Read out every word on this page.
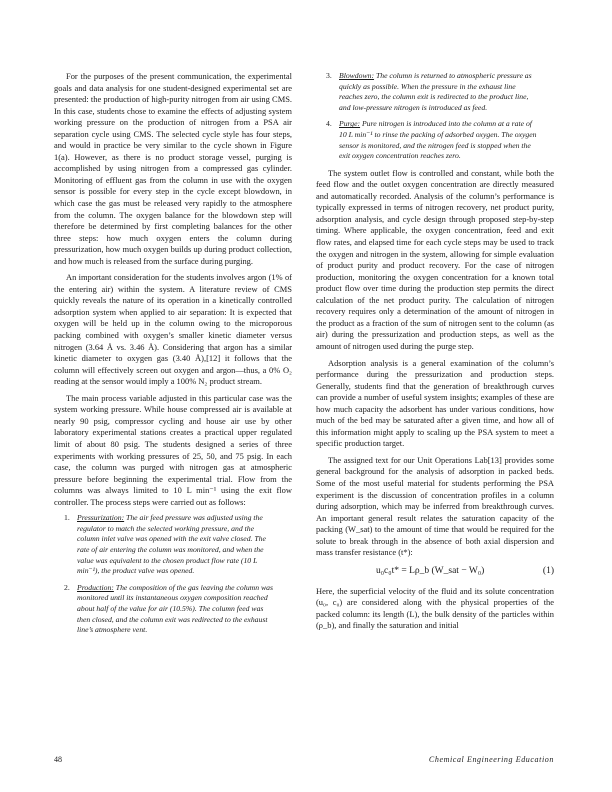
For the purposes of the present communication, the experimental goals and data analysis for one student-designed experimental set are presented: the production of high-purity nitrogen from air using CMS. In this case, students chose to examine the effects of adjusting system working pressure on the production of nitrogen from a PSA air separation cycle using CMS. The selected cycle style has four steps, and would in practice be very similar to the cycle shown in Figure 1(a). However, as there is no product storage vessel, purging is accomplished by using nitrogen from a compressed gas cylinder. Monitoring of effluent gas from the column in use with the oxygen sensor is possible for every step in the cycle except blowdown, in which case the gas must be released very rapidly to the atmosphere from the column. The oxygen balance for the blowdown step will therefore be determined by first completing balances for the other three steps: how much oxygen enters the column during pressurization, how much oxygen builds up during product collection, and how much is released from the surface during purging.

An important consideration for the students involves argon (1% of the entering air) within the system. A literature review of CMS quickly reveals the nature of its operation in a kinetically controlled adsorption system when applied to air separation: It is expected that oxygen will be held up in the column owing to the microporous packing combined with oxygen’s smaller kinetic diameter versus nitrogen (3.64 Å vs. 3.46 Å). Considering that argon has a similar kinetic diameter to oxygen gas (3.40 Å),[12] it follows that the column will effectively screen out oxygen and argon—thus, a 0% O₂ reading at the sensor would imply a 100% N₂ product stream.

The main process variable adjusted in this particular case was the system working pressure. While house compressed air is available at nearly 90 psig, compressor cycling and house air use by other laboratory experimental stations creates a practical upper regulated limit of about 80 psig. The students designed a series of three experiments with working pressures of 25, 50, and 75 psig. In each case, the column was purged with nitrogen gas at atmospheric pressure before beginning the experimental trial. Flow from the columns was always limited to 10 L min⁻¹ using the exit flow controller. The process steps were carried out as follows:

1. Pressurization: The air feed pressure was adjusted using the regulator to match the selected working pressure, and the column inlet valve was opened with the exit valve closed. The rate of air entering the column was monitored, and when the value was equivalent to the chosen product flow rate (10 L min⁻¹), the product valve was opened.
2. Production: The composition of the gas leaving the column was monitored until its instantaneous oxygen composition reached about half of the value for air (10.5%). The column feed was then closed, and the column exit was redirected to the exhaust line’s atmosphere vent.
3. Blowdown: The column is returned to atmospheric pressure as quickly as possible. When the pressure in the exhaust line reaches zero, the column exit is redirected to the product line, and low-pressure nitrogen is introduced as feed.
4. Purge: Pure nitrogen is introduced into the column at a rate of 10 L min⁻¹ to rinse the packing of adsorbed oxygen. The oxygen sensor is monitored, and the nitrogen feed is stopped when the exit oxygen concentration reaches zero.

The system outlet flow is controlled and constant, while both the feed flow and the outlet oxygen concentration are directly measured and automatically recorded. Analysis of the column’s performance is typically expressed in terms of nitrogen recovery, net product purity, adsorption analysis, and cycle design through proposed step-by-step timing. Where applicable, the oxygen concentration, feed and exit flow rates, and elapsed time for each cycle steps may be used to track the oxygen and nitrogen in the system, allowing for simple evaluation of product purity and product recovery. For the case of nitrogen production, monitoring the oxygen concentration for a known total product flow over time during the production step permits the direct calculation of the net product purity. The calculation of nitrogen recovery requires only a determination of the amount of nitrogen in the product as a fraction of the sum of nitrogen sent to the column (as air) during the pressurization and production steps, as well as the amount of nitrogen used during the purge step.

Adsorption analysis is a general examination of the column’s performance during the pressurization and production steps. Generally, students find that the generation of breakthrough curves can provide a number of useful system insights; examples of these are how much capacity the adsorbent has under various conditions, how much of the bed may be saturated after a given time, and how all of this information might apply to scaling up the PSA system to meet a specific production target.

The assigned text for our Unit Operations Lab[13] provides some general background for the analysis of adsorption in packed beds. Some of the most useful material for students performing the PSA experiment is the discussion of concentration profiles in a column during adsorption, which may be inferred from breakthrough curves. An important general result relates the saturation capacity of the packing (W_sat) to the amount of time that would be required for the solute to break through in the absence of both axial dispersion and mass transfer resistance (t*):

u₀c₀t* = Lρ_b (W_sat − W₀)	(1)

Here, the superficial velocity of the fluid and its solute concentration (u₀, c₀) are considered along with the physical properties of the packed column: its length (L), the bulk density of the particles within (ρ_b), and finally the saturation and initial

48	Chemical Engineering Education
